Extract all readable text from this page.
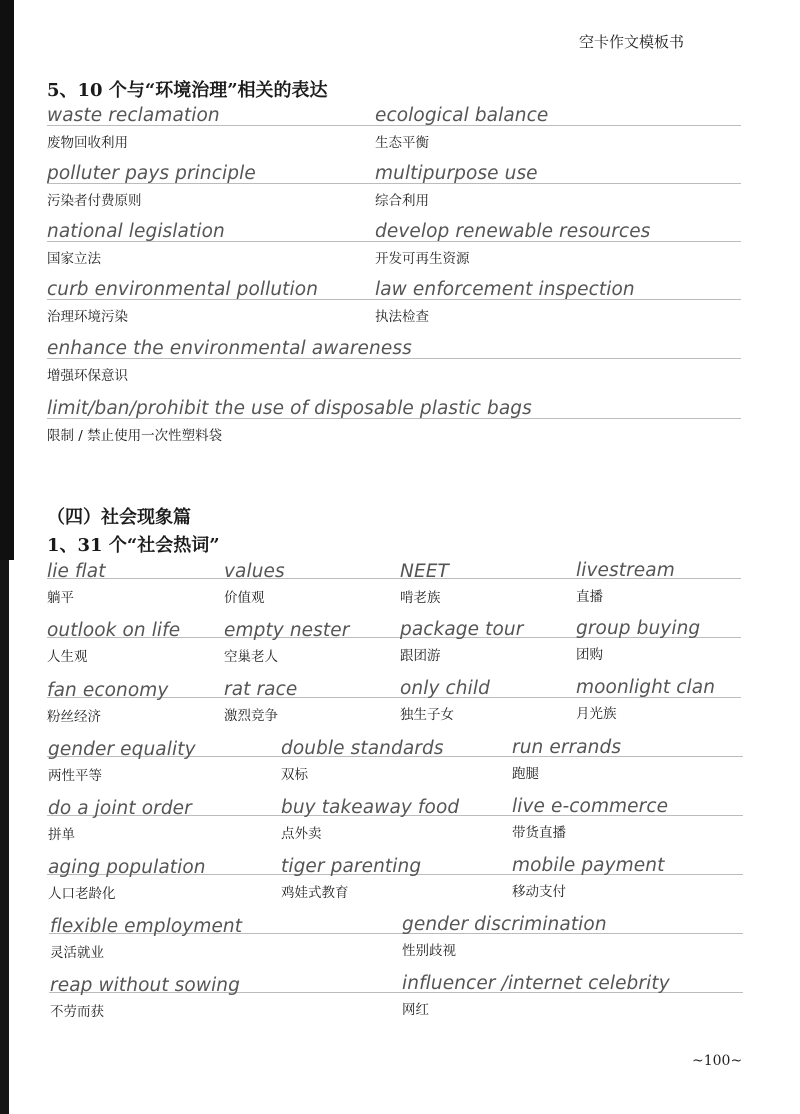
空卡作文模板书
5、10 个与“环境治理”相关的表达
waste reclamation
废物回收利用
ecological balance
生态平衡
polluter pays principle
污染者付费原则
multipurpose use
综合利用
national legislation
国家立法
develop renewable resources
开发可再生资源
curb environmental pollution
治理环境污染
law enforcement inspection
执法检查
enhance the environmental awareness
增强环保意识
limit/ban/prohibit the use of disposable plastic bags
限制 / 禁止使用一次性塑料袋
（四）社会现象篇
1、31 个“社会热词”
lie flat
躺平
values
价值观
NEET
啃老族
livestream
直播
outlook on life
人生观
empty nester
空巢老人
package tour
跟团游
group buying
团购
fan economy
粉丝经济
rat race
激烈竞争
only child
独生子女
moonlight clan
月光族
gender equality
两性平等
double standards
双标
run errands
跑腿
do a joint order
拼单
buy takeaway food
点外卖
live e-commerce
带货直播
aging population
人口老龄化
tiger parenting
鸡娃式教育
mobile payment
移动支付
flexible employment
灵活就业
gender discrimination
性别歧视
reap without sowing
不劳而获
influencer /internet celebrity
网红
~100~
